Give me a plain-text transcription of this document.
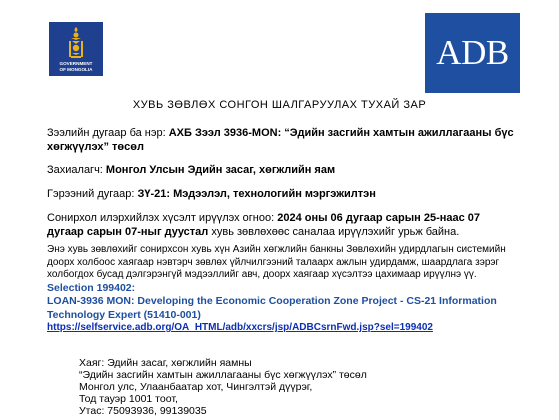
GOVERNMENT
OF MONGOLIA	ADB
ХУВЬ ЗӨВЛӨХ СОНГОН ШАЛГАРУУЛАХ ТУХАЙ ЗАР
Зээлийн дугаар ба нэр: АХБ Зээл 3936-MON: “Эдийн засгийн хамтын ажиллагааны бүс хөгжүүлэх” төсөл
Захиалагч: Монгол Улсын Эдийн засаг, хөгжлийн яам
Гэрээний дугаар: ЗҮ-21: Мэдээлэл, технологийн мэргэжилтэн
Сонирхол илэрхийлэх хүсэлт ирүүлэх огноо: 2024 оны 06 дугаар сарын 25-наас 07 дугаар сарын 07-ныг дуустал хувь зөвлөхөөс саналаа ирүүлэхийг урьж байна.
Энэ хувь зөвлөхийг сонирхсон хувь хүн Азийн хөгжлийн банкны Зөвлөхийн удирдлагын системийн доорх холбоос хаягаар нэвтэрч зөвлөх үйлчилгээний талаарх ажлын удирдамж, шаардлага зэрэг холбогдох бусад дэлгэрэнгүй мэдээллийг авч, доорх хаягаар хүсэлтээ цахимаар ирүүлнэ үү.
Selection 199402:
LOAN-3936 MON: Developing the Economic Cooperation Zone Project - CS-21 Information Technology Expert (51410-001)
https://selfservice.adb.org/OA_HTML/adb/xxcrs/jsp/ADBCsrnFwd.jsp?sel=199402
Хаяг: Эдийн засаг, хөгжлийн яамны
“Эдийн засгийн хамтын ажиллагааны бүс хөгжүүлэх” төсөл
Монгол улс, Улаанбаатар хот, Чингэлтэй дүүрэг,
Тод тауэр 1001 тоот,
Утас: 75093936, 99139035
